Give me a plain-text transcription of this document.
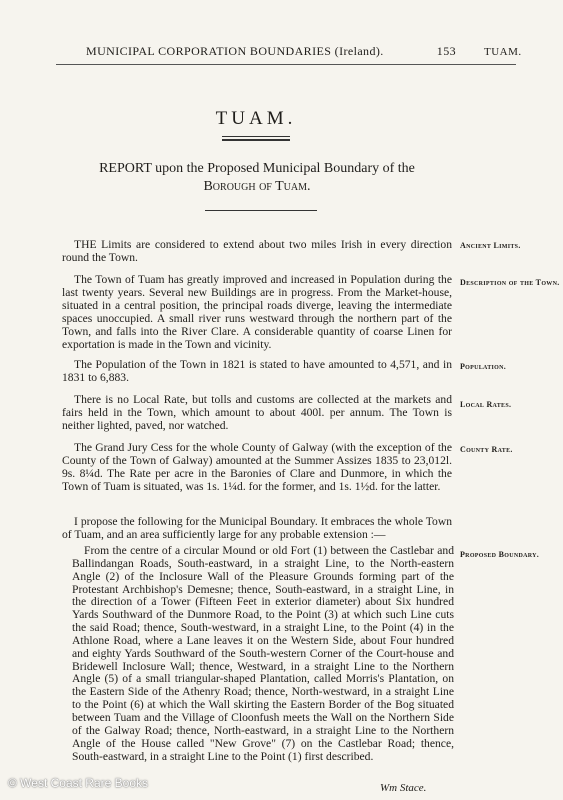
MUNICIPAL CORPORATION BOUNDARIES (Ireland).	153	TUAM.
TUAM.
REPORT upon the Proposed Municipal Boundary of the
Borough of Tuam.

THE Limits are considered to extend about two miles Irish in every direction round the Town.

Ancient Limits.

The Town of Tuam has greatly improved and increased in Population during the last twenty years. Several new Buildings are in progress. From the Market-house, situated in a central position, the principal roads diverge, leaving the intermediate spaces unoccupied. A small river runs westward through the northern part of the Town, and falls into the River Clare. A considerable quantity of coarse Linen for exportation is made in the Town and vicinity.

Description of the Town.

The Population of the Town in 1821 is stated to have amounted to 4,571, and in 1831 to 6,883.

Population.

There is no Local Rate, but tolls and customs are collected at the markets and fairs held in the Town, which amount to about 400l. per annum. The Town is neither lighted, paved, nor watched.

Local Rates.

The Grand Jury Cess for the whole County of Galway (with the exception of the County of the Town of Galway) amounted at the Summer Assizes 1835 to 23,012l. 9s. 8¼d. The Rate per acre in the Baronies of Clare and Dunmore, in which the Town of Tuam is situated, was 1s. 1¼d. for the former, and 1s. 1½d. for the latter.

County Rate.

I propose the following for the Municipal Boundary. It embraces the whole Town of Tuam, and an area sufficiently large for any probable extension :—

From the centre of a circular Mound or old Fort (1) between the Castlebar and Ballindangan Roads, South-eastward, in a straight Line, to the North-eastern Angle (2) of the Inclosure Wall of the Pleasure Grounds forming part of the Protestant Archbishop's Demesne; thence, South-eastward, in a straight Line, in the direction of a Tower (Fifteen Feet in exterior diameter) about Six hundred Yards Southward of the Dunmore Road, to the Point (3) at which such Line cuts the said Road; thence, South-westward, in a straight Line, to the Point (4) in the Athlone Road, where a Lane leaves it on the Western Side, about Four hundred and eighty Yards Southward of the South-western Corner of the Court-house and Bridewell Inclosure Wall; thence, Westward, in a straight Line to the Northern Angle (5) of a small triangular-shaped Plantation, called Morris's Plantation, on the Eastern Side of the Athenry Road; thence, North-westward, in a straight Line to the Point (6) at which the Wall skirting the Eastern Border of the Bog situated between Tuam and the Village of Cloonfush meets the Wall on the Northern Side of the Galway Road; thence, North-eastward, in a straight Line to the Northern Angle of the House called "New Grove" (7) on the Castlebar Road; thence, South-eastward, in a straight Line to the Point (1) first described.

Proposed Boundary.
Wm Stace.
© West Coast Rare Books
